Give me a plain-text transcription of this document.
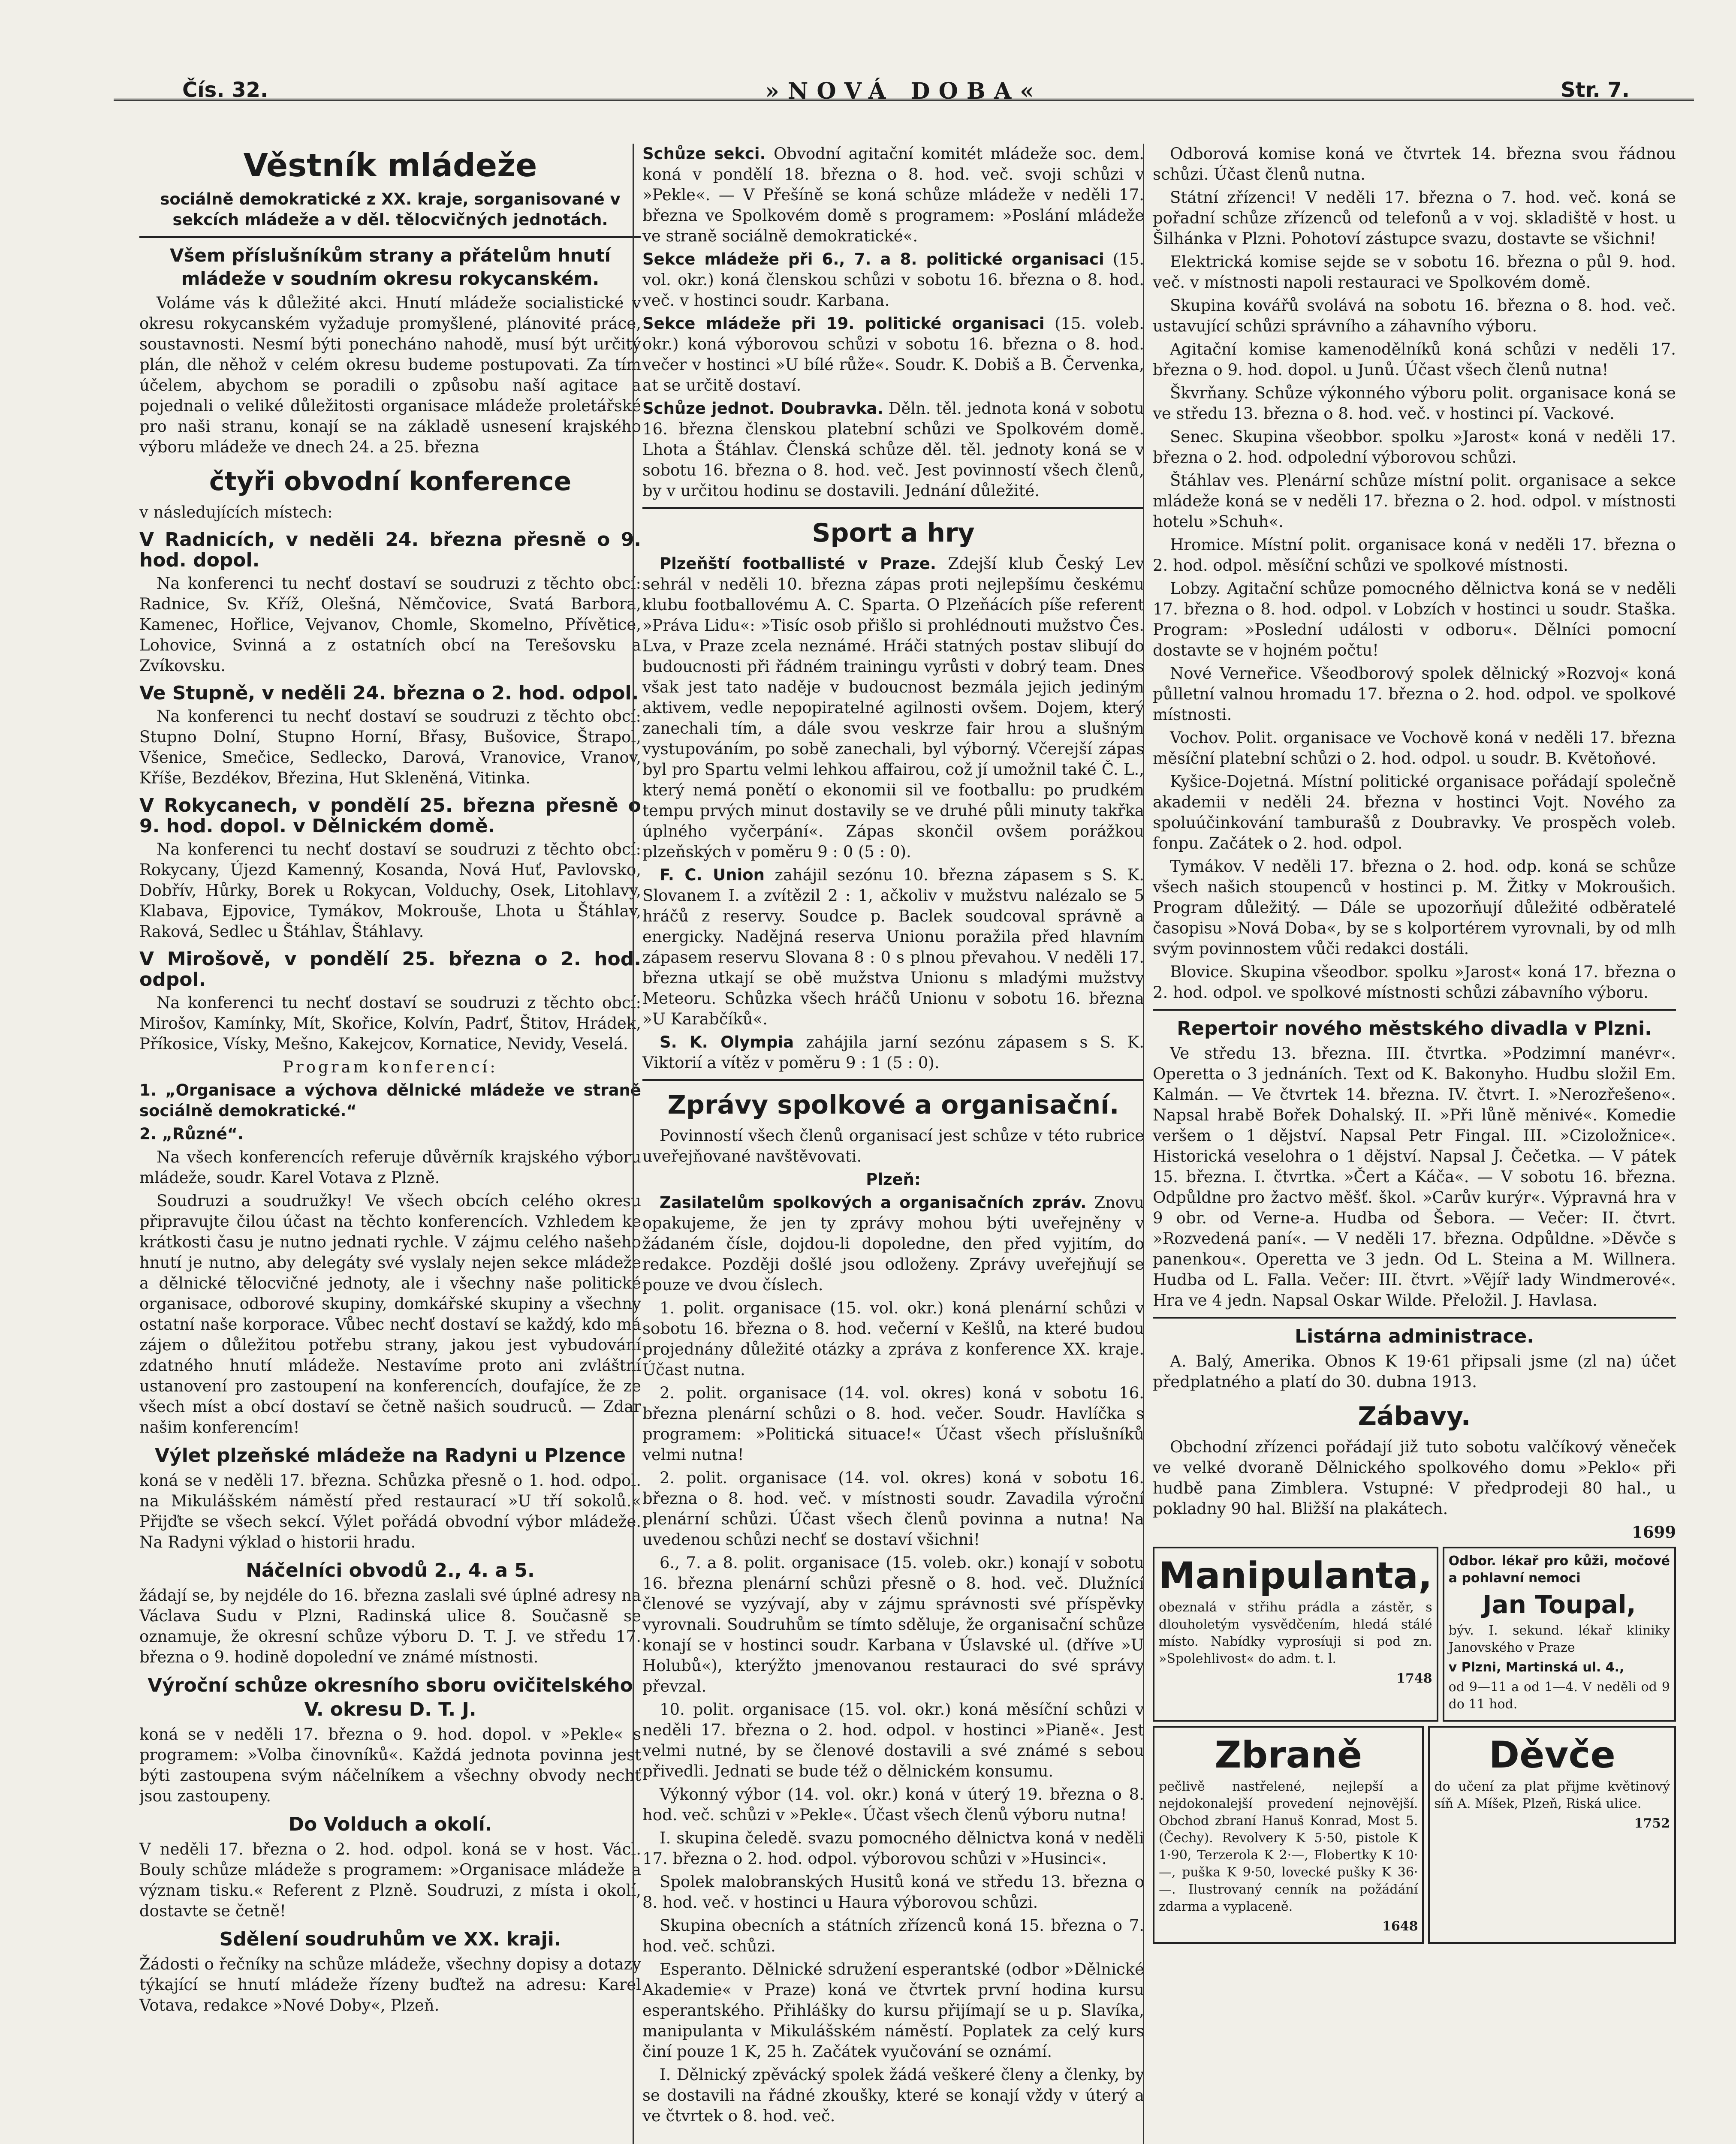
Čís. 32.	»NOVÁ DOBA«	Str. 7.
Věstník mládeže

sociálně demokratické z XX. kraje, sorganisované v sekcích mládeže a v děl. tělocvičných jednotách.

Všem příslušníkům strany a přátelům hnutí mládeže v soudním okresu rokycanském.

Voláme vás k důležité akci. Hnutí mládeže socialistické v okresu rokycanském vyžaduje promyšlené, plánovité práce, soustavnosti. Nesmí býti ponecháno nahodě, musí být určitý plán, dle něhož v celém okresu budeme postupovati. Za tím účelem, abychom se poradili o způsobu naší agitace a pojednali o veliké důležitosti organisace mládeže proletářské pro naši stranu, konají se na základě usnesení krajského výboru mládeže ve dnech 24. a 25. března

čtyři obvodní konference

v následujících místech:

V Radnicích, v neděli 24. března přesně o 9. hod. dopol.

Na konferenci tu nechť dostaví se soudruzi z těchto obcí: Radnice, Sv. Kříž, Olešná, Němčovice, Svatá Barbora, Kamenec, Hořlice, Vejvanov, Chomle, Skomelno, Přívětice, Lohovice, Svinná a z ostatních obcí na Terešovsku a Zvíkovsku.

Ve Stupně, v neděli 24. března o 2. hod. odpol.

Na konferenci tu nechť dostaví se soudruzi z těchto obcí: Stupno Dolní, Stupno Horní, Břasy, Bušovice, Štrapol, Všenice, Smečice, Sedlecko, Darová, Vranovice, Vranov, Kříše, Bezdékov, Březina, Hut Skleněná, Vitinka.

V Rokycanech, v pondělí 25. března přesně o 9. hod. dopol. v Dělnickém domě.

Na konferenci tu nechť dostaví se soudruzi z těchto obcí: Rokycany, Újezd Kamenný, Kosanda, Nová Huť, Pavlovsko, Dobřív, Hůrky, Borek u Rokycan, Volduchy, Osek, Litohlavy, Klabava, Ejpovice, Tymákov, Mokrouše, Lhota u Štáhlav, Raková, Sedlec u Štáhlav, Štáhlavy.

V Mirošově, v pondělí 25. března o 2. hod. odpol.

Na konferenci tu nechť dostaví se soudruzi z těchto obcí: Mirošov, Kamínky, Mít, Skořice, Kolvín, Padrť, Štitov, Hrádek, Příkosice, Vísky, Mešno, Kakejcov, Kornatice, Nevidy, Veselá.

Program konferencí:

1. „Organisace a výchova dělnické mládeže ve straně sociálně demokratické.“

2. „Různé“.

Na všech konferencích referuje důvěrník krajského výboru mládeže, soudr. Karel Votava z Plzně.

Soudruzi a soudružky! Ve všech obcích celého okresu připravujte čilou účast na těchto konferencích. Vzhledem ke krátkosti času je nutno jednati rychle. V zájmu celého našeho hnutí je nutno, aby delegáty své vyslaly nejen sekce mládeže a dělnické tělocvičné jednoty, ale i všechny naše politické organisace, odborové skupiny, domkářské skupiny a všechny ostatní naše korporace. Vůbec nechť dostaví se každý, kdo má zájem o důležitou potřebu strany, jakou jest vybudování zdatného hnutí mládeže. Nestavíme proto ani zvláštní ustanovení pro zastoupení na konferencích, doufajíce, že ze všech míst a obcí dostaví se četně našich soudruců. — Zdar našim konferencím!

Výlet plzeňské mládeže na Radyni u Plzence

koná se v neděli 17. března. Schůzka přesně o 1. hod. odpol. na Mikulášském náměstí před restaurací »U tří sokolů.« Přijďte se všech sekcí. Výlet pořádá obvodní výbor mládeže. Na Radyni výklad o historii hradu.

Náčelníci obvodů 2., 4. a 5.

žádají se, by nejdéle do 16. března zaslali své úplné adresy na Václava Sudu v Plzni, Radinská ulice 8. Současně se oznamuje, že okresní schůze výboru D. T. J. ve středu 17. března o 9. hodině dopolední ve známé místnosti.

Výroční schůze okresního sboru ovičitelského V. okresu D. T. J.

koná se v neděli 17. března o 9. hod. dopol. v »Pekle« s programem: »Volba činovníků«. Každá jednota povinna jest býti zastoupena svým náčelníkem a všechny obvody nechť jsou zastoupeny.

Do Volduch a okolí.

V neděli 17. března o 2. hod. odpol. koná se v host. Václ. Bouly schůze mládeže s programem: »Organisace mládeže a význam tisku.« Referent z Plzně. Soudruzi, z místa i okolí, dostavte se četně!

Sdělení soudruhům ve XX. kraji.

Žádosti o řečníky na schůze mládeže, všechny dopisy a dotazy týkající se hnutí mládeže řízeny buďtež na adresu: Karel Votava, redakce »Nové Doby«, Plzeň.

Schůze sekci. Obvodní agitační komitét mládeže soc. dem. koná v pondělí 18. března o 8. hod. več. svoji schůzi v »Pekle«. — V Přešíně se koná schůze mládeže v neděli 17. března ve Spolkovém domě s programem: »Poslání mládeže ve straně sociálně demokratické«.

Sekce mládeže při 6., 7. a 8. politické organisaci (15. vol. okr.) koná členskou schůzi v sobotu 16. března o 8. hod. več. v hostinci soudr. Karbana.

Sekce mládeže při 19. politické organisaci (15. voleb. okr.) koná výborovou schůzi v sobotu 16. března o 8. hod. večer v hostinci »U bílé růže«. Soudr. K. Dobiš a B. Červenka, at se určitě dostaví.

Schůze jednot. Doubravka. Děln. těl. jednota koná v sobotu 16. března členskou platební schůzi ve Spolkovém domě. Lhota a Štáhlav. Členská schůze děl. těl. jednoty koná se v sobotu 16. března o 8. hod. več. Jest povinností všech členů, by v určitou hodinu se dostavili. Jednání důležité.

Sport a hry

Plzeňští footballisté v Praze. Zdejší klub Český Lev sehrál v neděli 10. března zápas proti nejlepšímu českému klubu footballovému A. C. Sparta. O Plzeňácích píše referent »Práva Lidu«: »Tisíc osob přišlo si prohlédnouti mužstvo Čes. Lva, v Praze zcela neznámé. Hráči statných postav slibují do budoucnosti při řádném trainingu vyrůsti v dobrý team. Dnes však jest tato naděje v budoucnost bezmála jejich jediným aktivem, vedle nepopiratelné agilnosti ovšem. Dojem, který zanechali tím, a dále svou veskrze fair hrou a slušným vystupováním, po sobě zanechali, byl výborný. Včerejší zápas byl pro Spartu velmi lehkou affairou, což jí umožnil také Č. L., který nemá ponětí o ekonomii sil ve footballu: po prudkém tempu prvých minut dostavily se ve druhé půli minuty takřka úplného vyčerpání«. Zápas skončil ovšem porážkou plzeňských v poměru 9 : 0 (5 : 0).

F. C. Union zahájil sezónu 10. března zápasem s S. K. Slovanem I. a zvítězil 2 : 1, ačkoliv v mužstvu nalézalo se 5 hráčů z reservy. Soudce p. Baclek soudcoval správně a energicky. Nadějná reserva Unionu poražila před hlavním zápasem reservu Slovana 8 : 0 s plnou převahou. V neděli 17. března utkají se obě mužstva Unionu s mladými mužstvy Meteoru. Schůzka všech hráčů Unionu v sobotu 16. března »U Karabčíků«.

S. K. Olympia zahájila jarní sezónu zápasem s S. K. Viktorií a vítěz v poměru 9 : 1 (5 : 0).

Zprávy spolkové a organisační.

Povinností všech členů organisací jest schůze v této rubrice uveřejňované navštěvovati.

Plzeň:

Zasilatelům spolkových a organisačních zpráv. Znovu opakujeme, že jen ty zprávy mohou býti uveřejněny v žádaném čísle, dojdou-li dopoledne, den před vyjitím, do redakce. Později došlé jsou odloženy. Zprávy uveřejňují se pouze ve dvou číslech.

1. polit. organisace (15. vol. okr.) koná plenární schůzi v sobotu 16. března o 8. hod. večerní v Kešlů, na které budou projednány důležité otázky a zpráva z konference XX. kraje. Účast nutna.

2. polit. organisace (14. vol. okres) koná v sobotu 16. března plenární schůzi o 8. hod. večer. Soudr. Havlíčka s programem: »Politická situace!« Účast všech příslušníků velmi nutna!

2. polit. organisace (14. vol. okres) koná v sobotu 16. března o 8. hod. več. v místnosti soudr. Zavadila výroční plenární schůzi. Účast všech členů povinna a nutna! Na uvedenou schůzi nechť se dostaví všichni!

6., 7. a 8. polit. organisace (15. voleb. okr.) konají v sobotu 16. března plenární schůzi přesně o 8. hod. več. Dlužnící členové se vyzývají, aby v zájmu správnosti své příspěvky vyrovnali. Soudruhům se tímto sděluje, že organisační schůze konají se v hostinci soudr. Karbana v Úslavské ul. (dříve »U Holubů«), kterýžto jmenovanou restauraci do své správy převzal.

10. polit. organisace (15. vol. okr.) koná měsíční schůzi v neděli 17. března o 2. hod. odpol. v hostinci »Pianě«. Jest velmi nutné, by se členové dostavili a své známé s sebou přivedli. Jednati se bude též o dělnickém konsumu.

Výkonný výbor (14. vol. okr.) koná v úterý 19. března o 8. hod. več. schůzi v »Pekle«. Účast všech členů výboru nutna!

I. skupina čeledě. svazu pomocného dělnictva koná v neděli 17. března o 2. hod. odpol. výborovou schůzi v »Husinci«.

Spolek malobranských Husitů koná ve středu 13. března o 8. hod. več. v hostinci u Haura výborovou schůzi.

Skupina obecních a státních zřízenců koná 15. března o 7. hod. več. schůzi.

Esperanto. Dělnické sdružení esperantské (odbor »Dělnické Akademie« v Praze) koná ve čtvrtek první hodina kursu esperantského. Přihlášky do kursu přijímají se u p. Slavíka, manipulanta v Mikulášském náměstí. Poplatek za celý kurs činí pouze 1 K, 25 h. Začátek vyučování se oznámí.

I. Dělnický zpěvácký spolek žádá veškeré členy a členky, by se dostavili na řádné zkoušky, které se konají vždy v úterý a ve čtvrtek o 8. hod. več.

Odborová komise koná ve čtvrtek 14. března svou řádnou schůzi. Účast členů nutna.

Státní zřízenci! V neděli 17. března o 7. hod. več. koná se pořadní schůze zřízenců od telefonů a v voj. skladiště v host. u Šilhánka v Plzni. Pohotoví zástupce svazu, dostavte se všichni!

Elektrická komise sejde se v sobotu 16. března o půl 9. hod. več. v místnosti napoli restauraci ve Spolkovém domě.

Skupina kovářů svolává na sobotu 16. března o 8. hod. več. ustavující schůzi správního a záhavního výboru.

Agitační komise kamenodělníků koná schůzi v neděli 17. března o 9. hod. dopol. u Junů. Účast všech členů nutna!

Škvrňany. Schůze výkonného výboru polit. organisace koná se ve středu 13. března o 8. hod. več. v hostinci pí. Vackové.

Senec. Skupina všeobbor. spolku »Jarost« koná v neděli 17. března o 2. hod. odpolední výborovou schůzi.

Štáhlav ves. Plenární schůze místní polit. organisace a sekce mládeže koná se v neděli 17. března o 2. hod. odpol. v místnosti hotelu »Schuh«.

Hromice. Místní polit. organisace koná v neděli 17. března o 2. hod. odpol. měsíční schůzi ve spolkové místnosti.

Lobzy. Agitační schůze pomocného dělnictva koná se v neděli 17. března o 8. hod. odpol. v Lobzích v hostinci u soudr. Staška. Program: »Poslední události v odboru«. Dělníci pomocní dostavte se v hojném počtu!

Nové Verneřice. Všeodborový spolek dělnický »Rozvoj« koná půlletní valnou hromadu 17. března o 2. hod. odpol. ve spolkové místnosti.

Vochov. Polit. organisace ve Vochově koná v neděli 17. března měsíční platební schůzi o 2. hod. odpol. u soudr. B. Květoňové.

Kyšice-Dojetná. Místní politické organisace pořádají společně akademii v neděli 24. března v hostinci Vojt. Nového za spoluúčinkování tamburašů z Doubravky. Ve prospěch voleb. fonpu. Začátek o 2. hod. odpol.

Tymákov. V neděli 17. března o 2. hod. odp. koná se schůze všech našich stoupenců v hostinci p. M. Žitky v Mokroušich. Program důležitý. — Dále se upozorňují důležité odběratelé časopisu »Nová Doba«, by se s kolportérem vyrovnali, by od mlh svým povinnostem vůči redakci dostáli.

Blovice. Skupina všeodbor. spolku »Jarost« koná 17. března o 2. hod. odpol. ve spolkové místnosti schůzi zábavního výboru.

Repertoir nového městského divadla v Plzni.

Ve středu 13. března. III. čtvrtka. »Podzimní manévr«. Operetta o 3 jednáních. Text od K. Bakonyho. Hudbu složil Em. Kalmán. — Ve čtvrtek 14. března. IV. čtvrt. I. »Nerozřešeno«. Napsal hrabě Bořek Dohalský. II. »Při lůně měnivé«. Komedie veršem o 1 dějství. Napsal Petr Fingal. III. »Cizoložnice«. Historická veselohra o 1 dějství. Napsal J. Čečetka. — V pátek 15. března. I. čtvrtka. »Čert a Káča«. — V sobotu 16. března. Odpůldne pro žactvo měšť. škol. »Carův kurýr«. Výpravná hra v 9 obr. od Verne-a. Hudba od Šebora. — Večer: II. čtvrt. »Rozvedená paní«. — V neděli 17. března. Odpůldne. »Děvče s panenkou«. Operetta ve 3 jedn. Od L. Steina a M. Willnera. Hudba od L. Falla. Večer: III. čtvrt. »Vějíř lady Windmerové«. Hra ve 4 jedn. Napsal Oskar Wilde. Přeložil. J. Havlasa.

Listárna administrace.

A. Balý, Amerika. Obnos K 19·61 připsali jsme (zl na) účet předplatného a platí do 30. dubna 1913.

Zábavy.

Obchodní zřízenci pořádají již tuto sobotu valčíkový věneček ve velké dvoraně Dělnického spolkového domu »Peklo« při hudbě pana Zimblera. Vstupné: V předprodeji 80 hal., u pokladny 90 hal. Bližší na plakátech.

1699

Manipulanta,

obeznalá v střihu prádla a zástěr, s dlouholetým vysvědčením, hledá stálé místo. Nabídky vyprosíuji si pod zn. »Spolehlivost« do adm. t. l.

1748

Odbor. lékař pro kůži, močové a pohlavní nemoci

Jan Toupal,

býv. I. sekund. lékař kliniky Janovského v Praze

v Plzni, Martinská ul. 4.,

od 9—11 a od 1—4. V neděli od 9 do 11 hod.

Zbraně

pečlivě nastřelené, nejlepší a nejdokonalejší provedení nejnovější. Obchod zbraní Hanuš Konrad, Most 5. (Čechy). Revolvery K 5·50, pistole K 1·90, Terzerola K 2·—, Flobertky K 10·—, puška K 9·50, lovecké pušky K 36·—. Ilustrovaný cenník na požádání zdarma a vyplaceně.

1648

Děvče

do učení za plat přijme květinový síň A. Míšek, Plzeň, Riská ulice.

1752
